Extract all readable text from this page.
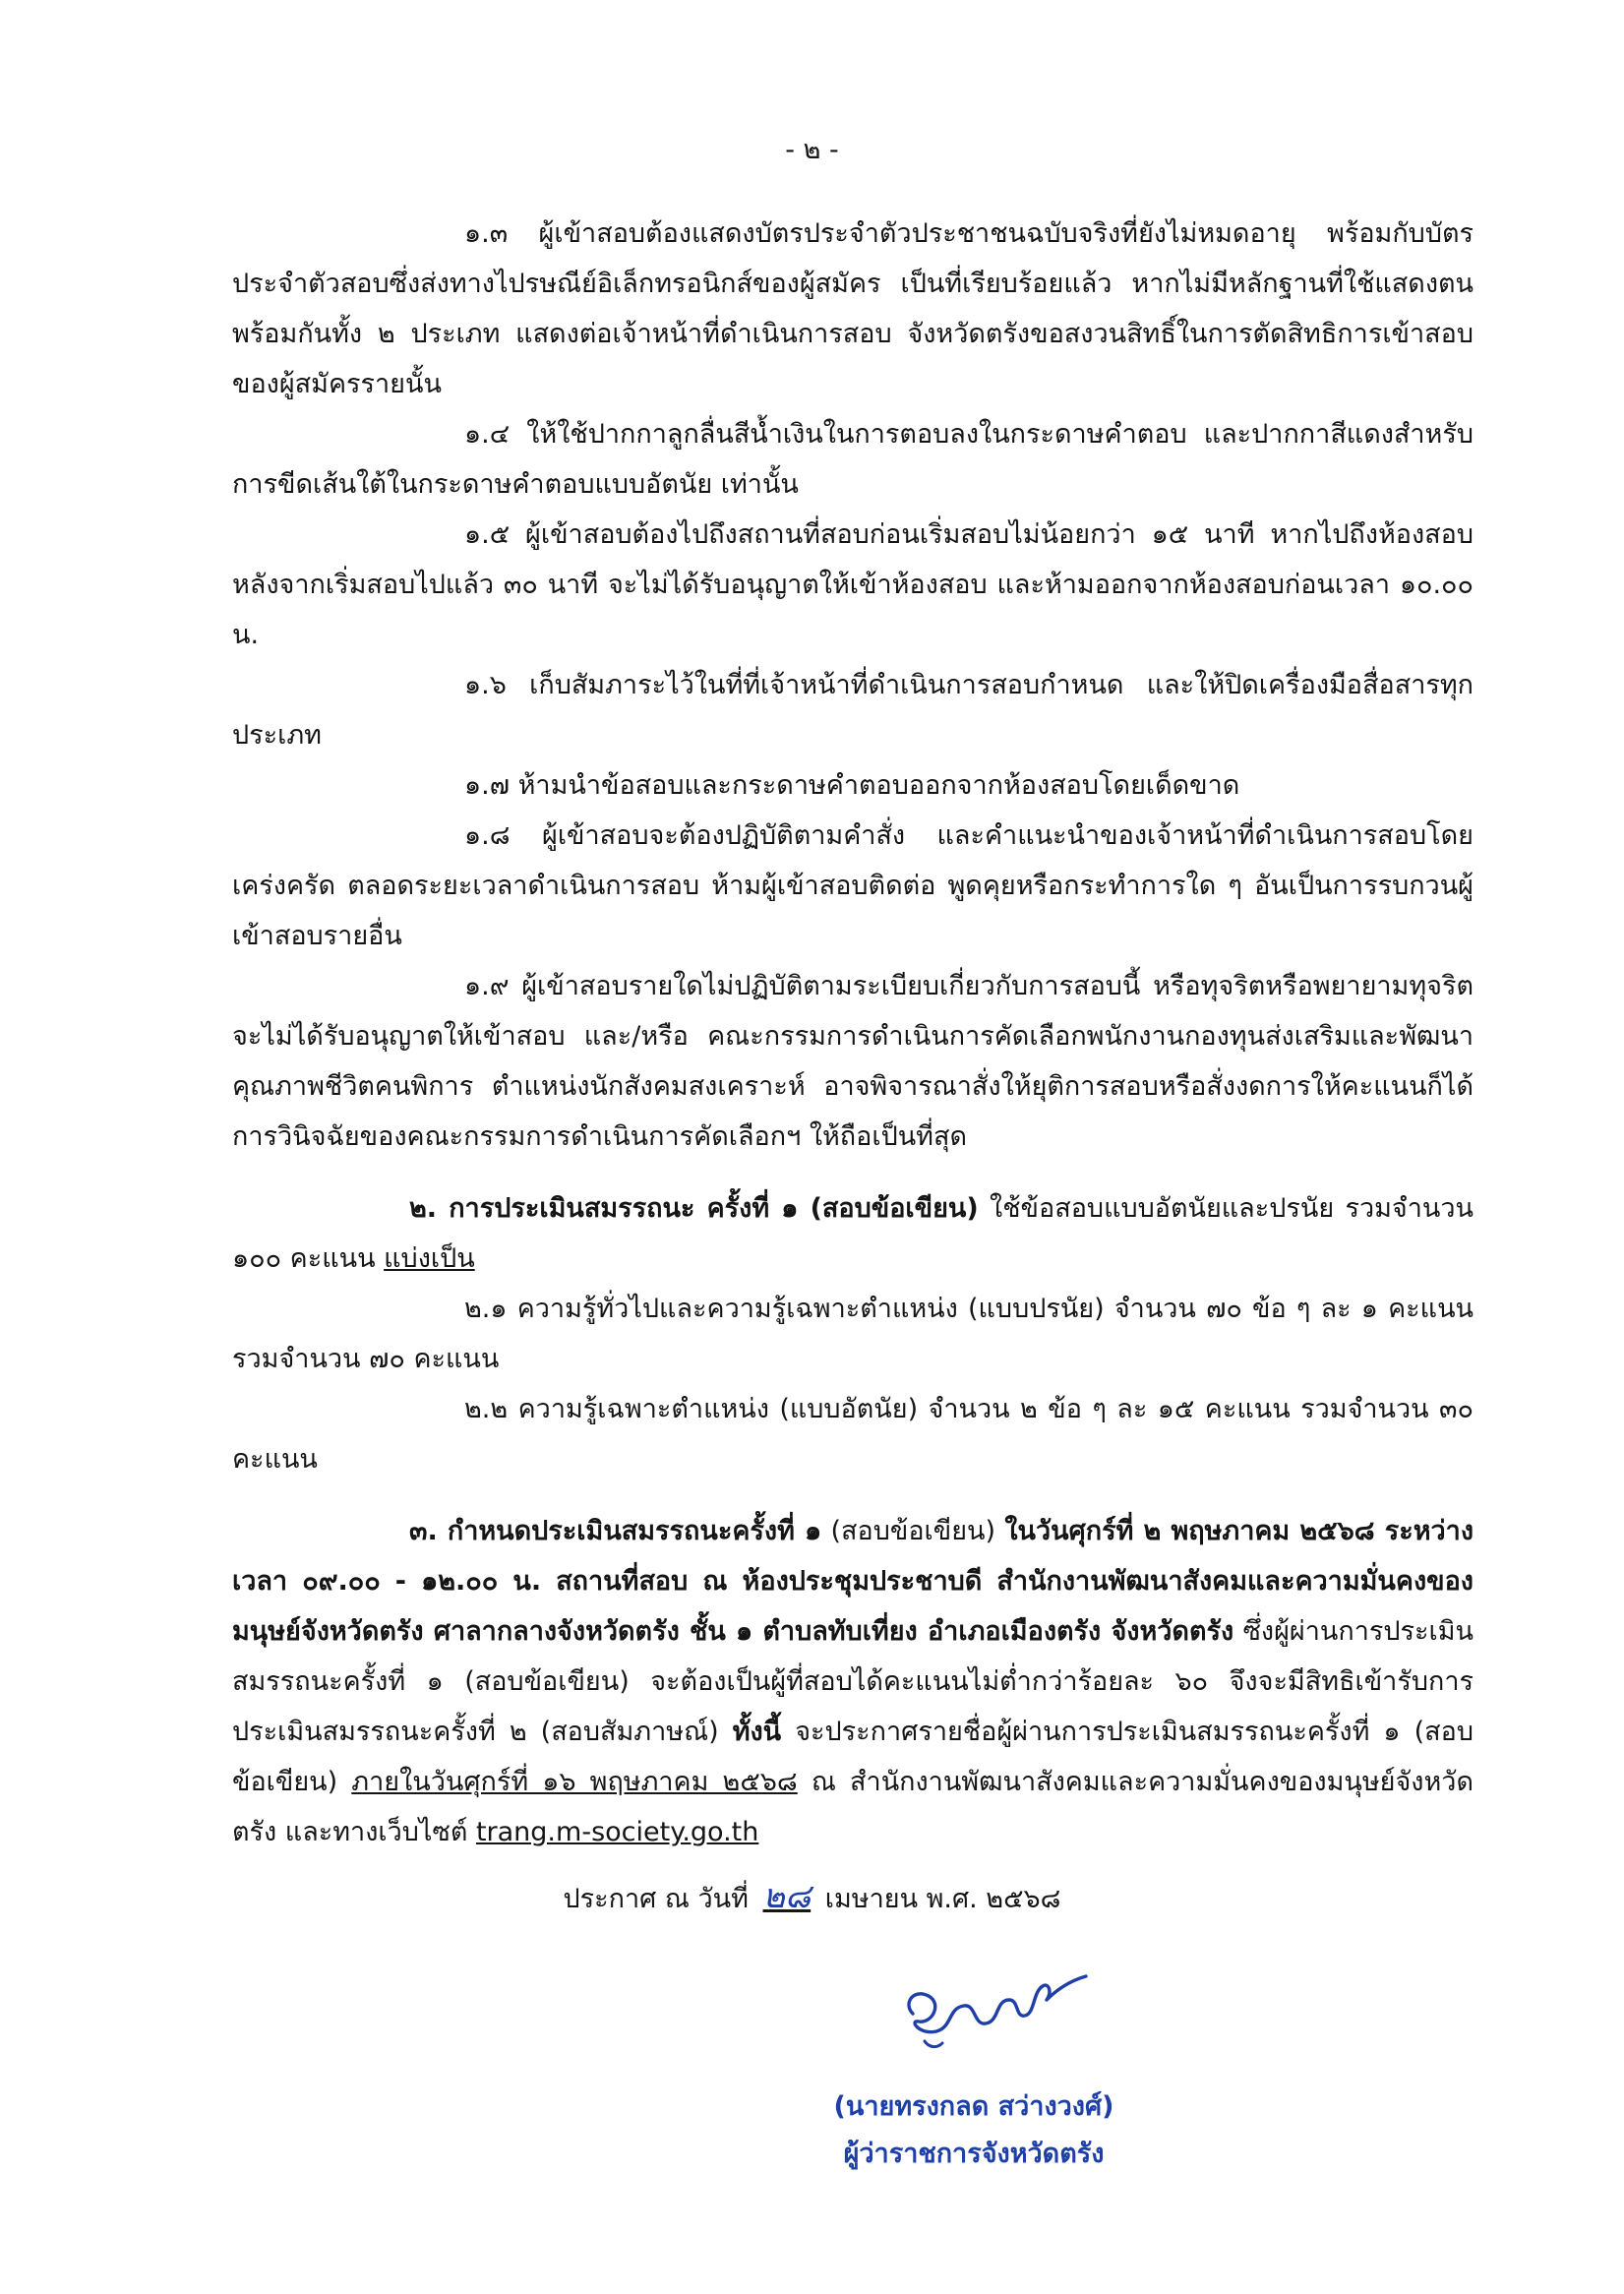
- ๒ -

๑.๓ ผู้เข้าสอบต้องแสดงบัตรประจำตัวประชาชนฉบับจริงที่ยังไม่หมดอายุ พร้อมกับบัตรประจำตัวสอบซึ่งส่งทางไปรษณีย์อิเล็กทรอนิกส์ของผู้สมัคร เป็นที่เรียบร้อยแล้ว หากไม่มีหลักฐานที่ใช้แสดงตนพร้อมกันทั้ง ๒ ประเภท แสดงต่อเจ้าหน้าที่ดำเนินการสอบ จังหวัดตรังขอสงวนสิทธิ์ในการตัดสิทธิการเข้าสอบของผู้สมัครรายนั้น

๑.๔ ให้ใช้ปากกาลูกลื่นสีน้ำเงินในการตอบลงในกระดาษคำตอบ และปากกาสีแดงสำหรับการขีดเส้นใต้ในกระดาษคำตอบแบบอัตนัย เท่านั้น

๑.๕ ผู้เข้าสอบต้องไปถึงสถานที่สอบก่อนเริ่มสอบไม่น้อยกว่า ๑๕ นาที หากไปถึงห้องสอบหลังจากเริ่มสอบไปแล้ว ๓๐ นาที จะไม่ได้รับอนุญาตให้เข้าห้องสอบ และห้ามออกจากห้องสอบก่อนเวลา ๑๐.๐๐ น.

๑.๖ เก็บสัมภาระไว้ในที่ที่เจ้าหน้าที่ดำเนินการสอบกำหนด และให้ปิดเครื่องมือสื่อสารทุกประเภท

๑.๗ ห้ามนำข้อสอบและกระดาษคำตอบออกจากห้องสอบโดยเด็ดขาด

๑.๘ ผู้เข้าสอบจะต้องปฏิบัติตามคำสั่ง และคำแนะนำของเจ้าหน้าที่ดำเนินการสอบโดยเคร่งครัด ตลอดระยะเวลาดำเนินการสอบ ห้ามผู้เข้าสอบติดต่อ พูดคุยหรือกระทำการใด ๆ อันเป็นการรบกวนผู้เข้าสอบรายอื่น

๑.๙ ผู้เข้าสอบรายใดไม่ปฏิบัติตามระเบียบเกี่ยวกับการสอบนี้ หรือทุจริตหรือพยายามทุจริตจะไม่ได้รับอนุญาตให้เข้าสอบ และ/หรือ คณะกรรมการดำเนินการคัดเลือกพนักงานกองทุนส่งเสริมและพัฒนาคุณภาพชีวิตคนพิการ ตำแหน่งนักสังคมสงเคราะห์ อาจพิจารณาสั่งให้ยุติการสอบหรือสั่งงดการให้คะแนนก็ได้ การวินิจฉัยของคณะกรรมการดำเนินการคัดเลือกฯ ให้ถือเป็นที่สุด

๒. การประเมินสมรรถนะ ครั้งที่ ๑ (สอบข้อเขียน) ใช้ข้อสอบแบบอัตนัยและปรนัย รวมจำนวน ๑๐๐ คะแนน แบ่งเป็น

๒.๑ ความรู้ทั่วไปและความรู้เฉพาะตำแหน่ง (แบบปรนัย) จำนวน ๗๐ ข้อ ๆ ละ ๑ คะแนน รวมจำนวน ๗๐ คะแนน

๒.๒ ความรู้เฉพาะตำแหน่ง (แบบอัตนัย) จำนวน ๒ ข้อ ๆ ละ ๑๕ คะแนน รวมจำนวน ๓๐ คะแนน

๓. กำหนดประเมินสมรรถนะครั้งที่ ๑ (สอบข้อเขียน) ในวันศุกร์ที่ ๒ พฤษภาคม ๒๕๖๘ ระหว่างเวลา ๐๙.๐๐ - ๑๒.๐๐ น. สถานที่สอบ ณ ห้องประชุมประชาบดี สำนักงานพัฒนาสังคมและความมั่นคงของมนุษย์จังหวัดตรัง ศาลากลางจังหวัดตรัง ชั้น ๑ ตำบลทับเที่ยง อำเภอเมืองตรัง จังหวัดตรัง ซึ่งผู้ผ่านการประเมินสมรรถนะครั้งที่ ๑ (สอบข้อเขียน) จะต้องเป็นผู้ที่สอบได้คะแนนไม่ต่ำกว่าร้อยละ ๖๐ จึงจะมีสิทธิเข้ารับการประเมินสมรรถนะครั้งที่ ๒ (สอบสัมภาษณ์) ทั้งนี้ จะประกาศรายชื่อผู้ผ่านการประเมินสมรรถนะครั้งที่ ๑ (สอบข้อเขียน) ภายในวันศุกร์ที่ ๑๖ พฤษภาคม ๒๕๖๘ ณ สำนักงานพัฒนาสังคมและความมั่นคงของมนุษย์จังหวัดตรัง และทางเว็บไซต์ trang.m-society.go.th

ประกาศ ณ วันที่ ๒๘ เมษายน พ.ศ. ๒๕๖๘
(นายทรงกลด สว่างวงศ์)
ผู้ว่าราชการจังหวัดตรัง
